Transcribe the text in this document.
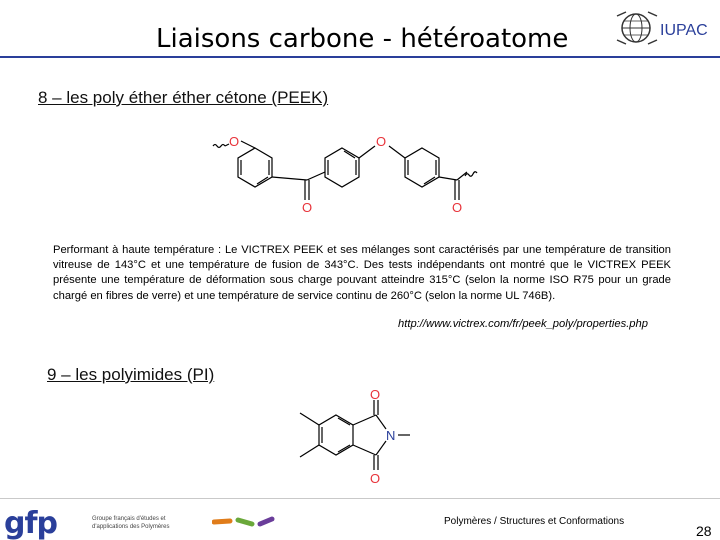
Liaisons carbone - hétéroatome	IUPAC
8 – les poly éther éther cétone (PEEK)
O	O
O	O
Performant à haute température : Le VICTREX PEEK et ses mélanges sont caractérisés par une température de transition vitreuse de 143°C et une température de fusion de 343°C. Des tests indépendants ont montré que le VICTREX PEEK présente une température de déformation sous charge pouvant atteindre 315°C (selon la norme ISO R75 pour un grade chargé en fibres de verre) et une température de service continu de 260°C (selon la norme UL 746B).
http://www.victrex.com/fr/peek_poly/properties.php
9 – les polyimides (PI)
O
O
N
gfp	Groupe français d'études et d'applications des Polymères	Polymères / Structures et Conformations
28
